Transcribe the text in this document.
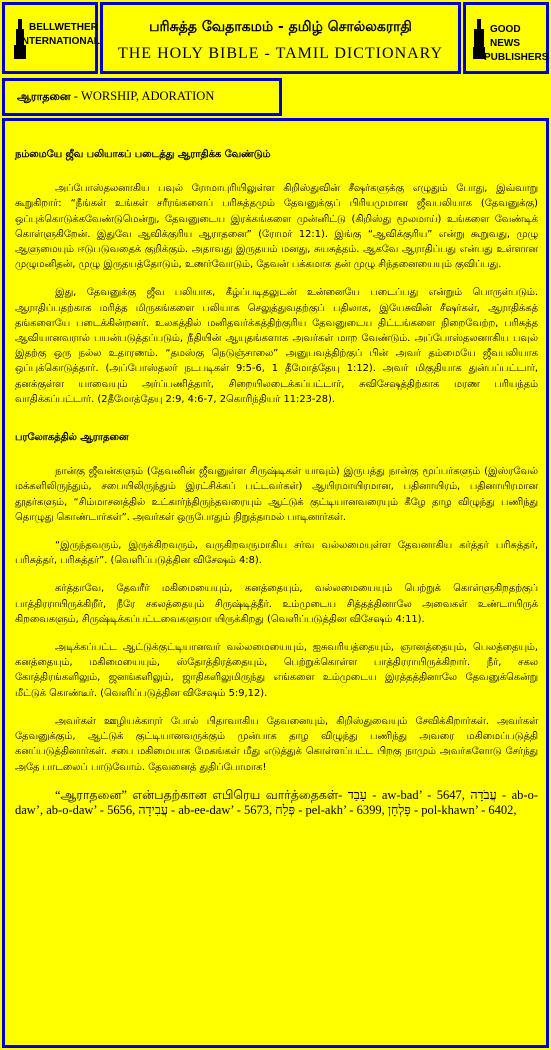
BELLWETHER
INTERNATIONAL
பரிசுத்த வேதாகமம் - தமிழ் சொல்லகராதி
THE HOLY BIBLE - TAMIL DICTIONARY
GOOD NEWS
PUBLISHERS
ஆராதனை - WORSHIP, ADORATION
நம்மையே ஜீவ பலியாகப் படைத்து ஆராதிக்க வேண்டும்

அப்போஸ்தலனாகிய பவுல் ரோமாபுரியிலுள்ள கிறிஸ்துவின் சீஷர்களுக்கு எழுதும் போது, இவ்வாறு கூறுகிறார்: “நீங்கள் உங்கள் சரீரங்களைப் பரிசுத்தமும் தேவனுக்குப் பிரியமுமான ஜீவபலியாக (தேவனுக்கு) ஒப்புக்கொடுக்கவேண்டுமென்று, தேவனுடைய இரக்கங்களை முன்னிட்டு (கிறிஸ்து மூலமாய்) உங்களை வேண்டிக் கொள்ளுகிறேன். இதுவே ஆவிக்குரிய ஆராதனை” (ரோமர் 12:1). இங்கு “ஆவிக்குரிய” என்று கூறுவது, முழு ஆளுமையும் ஈடுபடுவதைக் குறிக்கும். அதாவது இருதயம் மனது, சுயசுத்தம். ஆகவே ஆராதிப்பது என்பது உள்ளான முழுமனிதன், முழு இருதயத்தோடும், உணர்வோடும், தேவன் பக்கமாக தன் முழு சிந்தனையையும் குவிப்பது.

இது, தேவனுக்கு ஜீவ பலியாக, கீழ்ப்படிதலுடன் உன்னையே படைப்பது என்றும் பொருள்படும். ஆராதிப்பதற்காக மரித்த மிருகங்களை பலியாக செலுத்துவதற்குப் பதிலாக, இயேசுவின் சீஷர்கள், ஆராதிக்கத் தங்களையே படைக்கின்றனர். உலகத்தில் மனிதவர்க்கத்திற்குரிய தேவனுடைய திட்டங்களை நிறைவேற்ற, பரிசுத்த ஆவியானவரால் பயன்படுத்தப்படும், நீதியின் ஆயுதங்களாக அவர்கள் மாற வேண்டும். அப்போஸ்தலனாகிய பவுல் இதற்கு ஒரு நல்ல உதாரணம். “தமஸ்கு நெடுஞ்சாலை” அனுபவத்திற்குப் பின் அவர் தம்மையே ஜீவபலியாக ஒப்புக்கொடுத்தார். (அப்போஸ்தலர் நடபடிகள் 9:5-6, 1 தீமோத்தேயு 1:12). அவர் மிகுதியாக துன்பப்பட்டார், தனக்குள்ள யாவையும் அர்ப்பணித்தார், சிறையிலடைக்கப்பட்டார், சுவிசேஷத்திற்காக மரண பரியந்தம் வாதிக்கப்பட்டார். (2தீமோத்தேயு 2:9, 4:6-7, 2கொரிந்தியர் 11:23-28).

பரலோகத்தில் ஆராதனை

நான்கு ஜீவன்களும் (தேவனின் ஜீவனுள்ள சிருஷ்டிகள் யாவும்) இருபத்து நான்கு மூப்பர்களும் (இஸ்ரவேல் மக்களிலிருந்தும், சபையிலிருந்தும் இரட்சிக்கப் பட்டவர்கள்) ஆயிரமாயிரமான, பதினாயிரம், பதினாயிரமான தூதர்களும், “சிம்மாசனத்தில் உட்கார்ந்திருந்தவரையும் ஆட்டுக் குட்டியானவரையும் கீழே தாழ விழுந்து பணிந்து தொழுது கொண்டார்கள்”. அவர்கள் ஒருபோதும் நிறுத்தாமல் பாடினார்கள்.

“இருந்தவரும், இருக்கிறவரும், வருகிறவருமாகிய சர்வ வல்லமையுள்ள தேவனாகிய கர்த்தர் பரிசுத்தர், பரிசுத்தர், பரிசுத்தர்”. (வெளிப்படுத்தின விசேஷம் 4:8).

கர்த்தாவே, தேவரீர் மகிமையையும், கனத்தையும், வல்லமையையும் பெற்றுக் கொள்ளுகிறதற்குப் பாத்திரராயிருக்கிறீர், நீரே சகலத்தையும் சிருஷ்டித்தீர். உம்முடைய சித்தத்தினாலே அவைகள் உண்டாயிருக் கிறவைகளும், சிருஷ்டிக்கப்பட்டவைகளுமா யிருக்கிறது (வெளிப்படுத்தின விசேஷம் 4:11).

அடிக்கப்பட்ட ஆட்டுக்குட்டியானவர் வல்லமையையும், ஐசுவரியத்தையும், ஞானத்தையும், பெலத்தையும், கனத்தையும், மகிமையையும், ஸ்தோத்திரத்தையும், பெற்றுக்கொள்ள பாத்திரராயிருக்கிறார். நீர், சகல கோத்திரங்களிலும், ஜனங்களிலும், ஜாதிகளிலுமிருந்து எங்களை உம்முடைய இரத்தத்தினாலே தேவனுக்கென்று மீட்டுக் கொண்டீர். (வெளிப்படுத்தின விசேஷம் 5:9,12).

அவர்கள் ஊழியக்காரர் போல் பிதாவாகிய தேவனையும், கிறிஸ்துவையும் சேவிக்கிறார்கள். அவர்கள் தேவனுக்கும், ஆட்டுக் குட்டியானவருக்கும் முன்பாக தாழ விழுந்து பணிந்து அவரை மகிமைப்படுத்தி கனப்படுத்தினார்கள். சபை மகிமையாக மேகங்கள் மீது எடுத்துக் கொள்ளப்பட்ட பிறகு நாமும் அவர்களோடு சேர்ந்து அதே பாடலைப் பாடுவோம். தேவனைத் துதிப்போமாக!

“ஆராதனை” என்பதற்கான எபிரெய வார்த்தைகள்- עָבַד - aw-bad’ - 5647, עֲבֹדָה - ab-o-daw’, ab-o-daw’ - 5656, עֲבִידָה - ab-ee-daw’ - 5673, פְּלַח - pel-akh’ - 6399, פָּלְחָן - pol-khawn’ - 6402,
